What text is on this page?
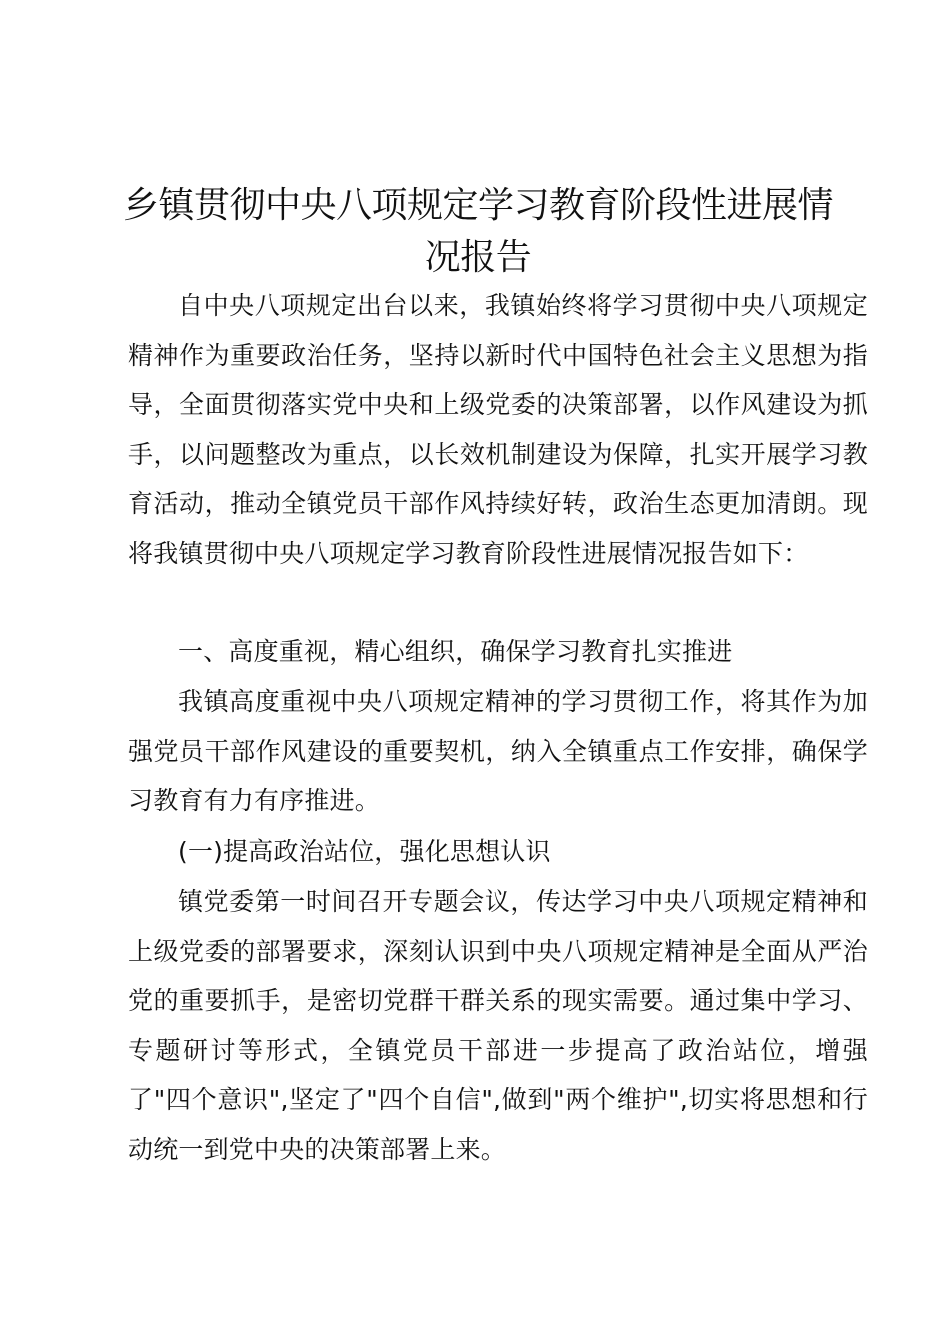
乡镇贯彻中央八项规定学习教育阶段性进展情
况报告

自中央八项规定出台以来，我镇始终将学习贯彻中央八项规定精神作为重要政治任务，坚持以新时代中国特色社会主义思想为指导，全面贯彻落实党中央和上级党委的决策部署，以作风建设为抓手，以问题整改为重点，以长效机制建设为保障，扎实开展学习教育活动，推动全镇党员干部作风持续好转，政治生态更加清朗。现将我镇贯彻中央八项规定学习教育阶段性进展情况报告如下：

一、高度重视，精心组织，确保学习教育扎实推进

我镇高度重视中央八项规定精神的学习贯彻工作，将其作为加强党员干部作风建设的重要契机，纳入全镇重点工作安排，确保学习教育有力有序推进。

(一)提高政治站位，强化思想认识

镇党委第一时间召开专题会议，传达学习中央八项规定精神和上级党委的部署要求，深刻认识到中央八项规定精神是全面从严治党的重要抓手，是密切党群干群关系的现实需要。通过集中学习、专题研讨等形式，全镇党员干部进一步提高了政治站位，增强了"四个意识",坚定了"四个自信",做到"两个维护",切实将思想和行动统一到党中央的决策部署上来。
